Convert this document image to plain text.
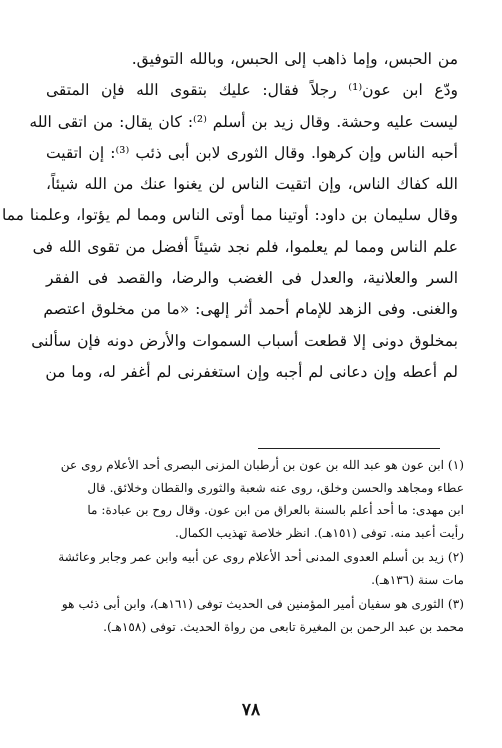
من الحبس، وإما ذاهب إلى الحبس، وبالله التوفيق.
ودّع ابن عون⁽¹⁾ رجلاً فقال: عليك بتقوى الله فإن المتقى
ليست عليه وحشة. وقال زيد بن أسلم ⁽²⁾: كان يقال: من اتقى الله
أحبه الناس وإن كرهوا. وقال الثورى لابن أبى ذئب ⁽³⁾: إن اتقيت
الله كفاك الناس، وإن اتقيت الناس لن يغنوا عنك من الله شيئاً،
وقال سليمان بن داود: أوتينا مما أوتى الناس ومما لم يؤتوا، وعلمنا مما
علم الناس ومما لم يعلموا، فلم نجد شيئاً أفضل من تقوى الله فى
السر والعلانية، والعدل فى الغضب والرضا، والقصد فى الفقر
والغنى. وفى الزهد للإمام أحمد أثر إلهى: «ما من مخلوق اعتصم
بمخلوق دونى إلا قطعت أسباب السموات والأرض دونه فإن سألنى
لم أعطه وإن دعانى لم أجبه وإن استغفرنى لم أغفر له، وما من
(١) ابن عون هو عبد الله بن عون بن أرطبان المزنى البصرى أحد الأعلام روى عن
عطاء ومجاهد والحسن وخلق، روى عنه شعبة والثورى والقطان وخلائق. قال
ابن مهدى: ما أحد أعلم بالسنة بالعراق من ابن عون. وقال روح بن عبادة: ما
رأيت أعبد منه. توفى (١٥١هـ). انظر خلاصة تهذيب الكمال.
(٢) زيد بن أسلم العدوى المدنى أحد الأعلام روى عن أبيه وابن عمر وجابر وعائشة
مات سنة (١٣٦هـ).
(٣) الثورى هو سفيان أمير المؤمنين فى الحديث توفى (١٦١هـ)، وابن أبى ذئب هو
محمد بن عبد الرحمن بن المغيرة تابعى من رواة الحديث. توفى (١٥٨هـ).
٧٨
